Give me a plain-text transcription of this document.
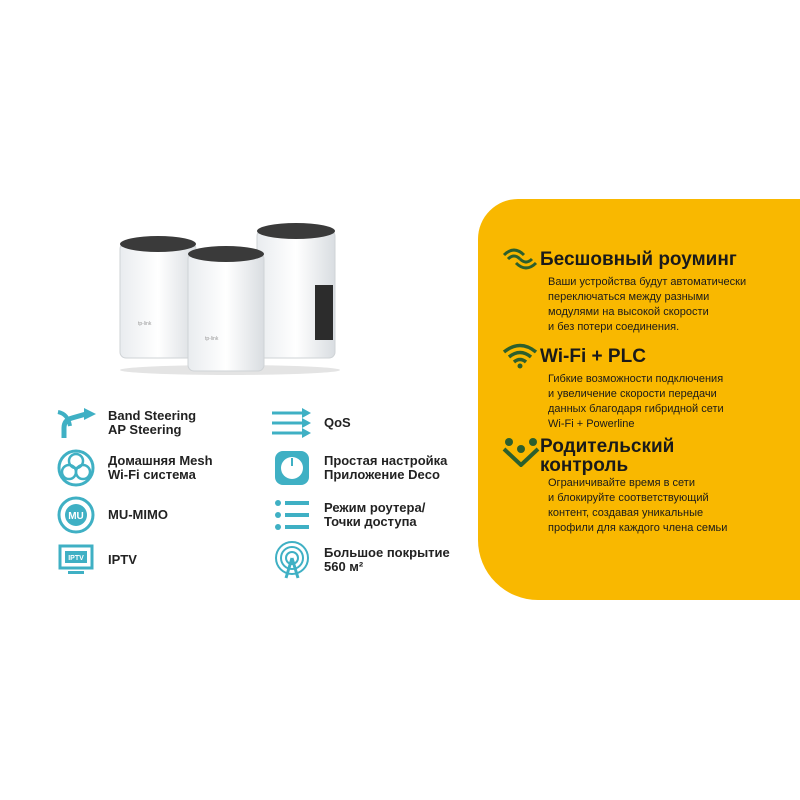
tp-link
tp-link
Band Steering
AP Steering
Домашняя Mesh
Wi-Fi система
MU MU-MIMO
IPTV IPTV
QoS
Простая настройка
Приложение Deco
Режим роутера/
Точки доступа
Большое покрытие
560 м²
Бесшовный роуминг
Ваши устройства будут автоматически
переключаться между разными
модулями на высокой скорости
и без потери соединения.
Wi-Fi + PLC
Гибкие возможности подключения
и увеличение скорости передачи
данных благодаря гибридной сети
Wi-Fi + Powerline
Родительский
контроль
Ограничивайте время в сети
и блокируйте соответствующий
контент, создавая уникальные
профили для каждого члена семьи
